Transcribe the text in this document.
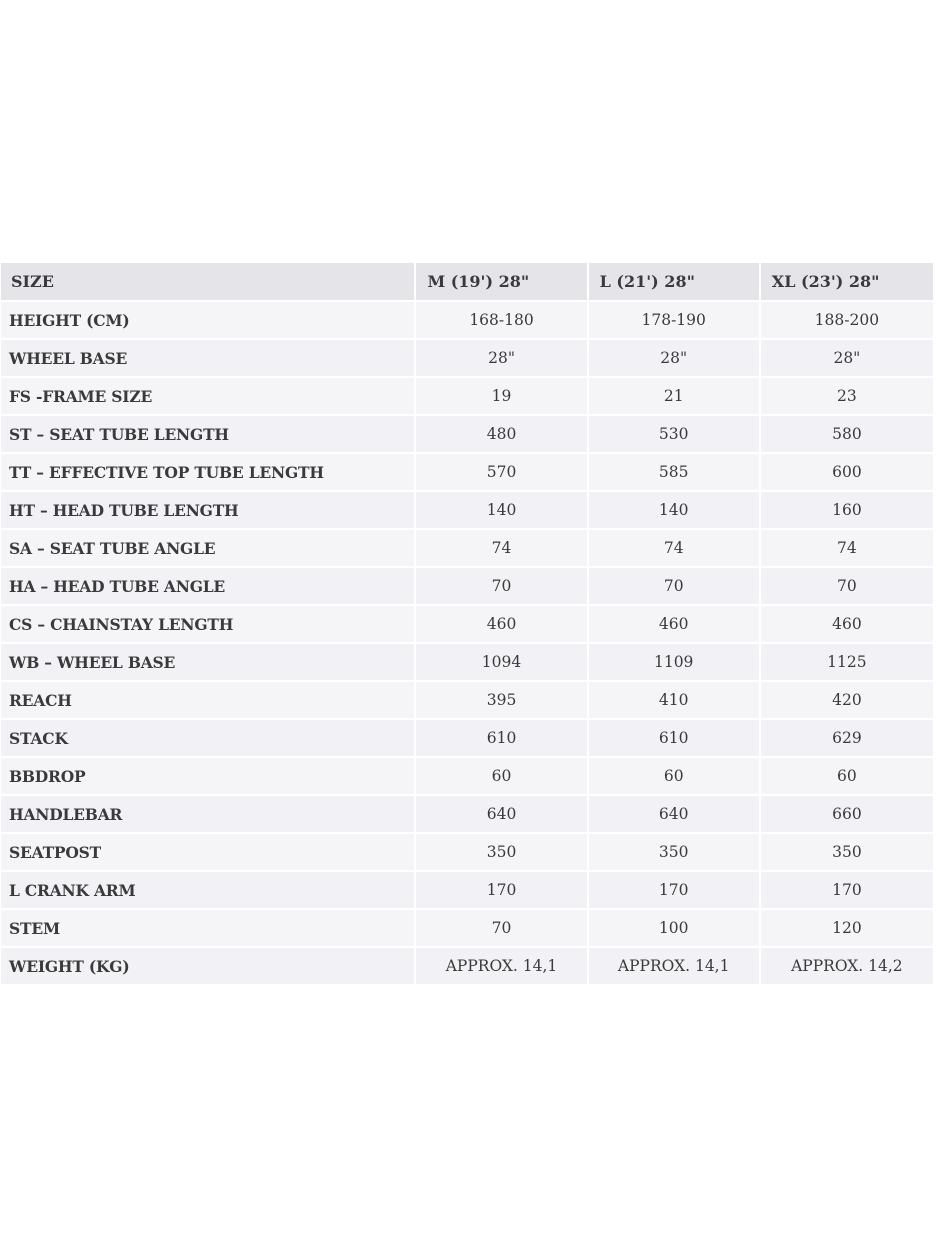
SIZE	M (19') 28"	L (21') 28"	XL (23') 28"
HEIGHT (CM)	168-180	178-190	188-200
WHEEL BASE	28"	28"	28"
FS -FRAME SIZE	19	21	23
ST – SEAT TUBE LENGTH	480	530	580
TT – EFFECTIVE TOP TUBE LENGTH	570	585	600
HT – HEAD TUBE LENGTH	140	140	160
SA – SEAT TUBE ANGLE	74	74	74
HA – HEAD TUBE ANGLE	70	70	70
CS – CHAINSTAY LENGTH	460	460	460
WB – WHEEL BASE	1094	1109	1125
REACH	395	410	420
STACK	610	610	629
BBDROP	60	60	60
HANDLEBAR	640	640	660
SEATPOST	350	350	350
L CRANK ARM	170	170	170
STEM	70	100	120
WEIGHT (KG)	APPROX. 14,1	APPROX. 14,1	APPROX. 14,2
